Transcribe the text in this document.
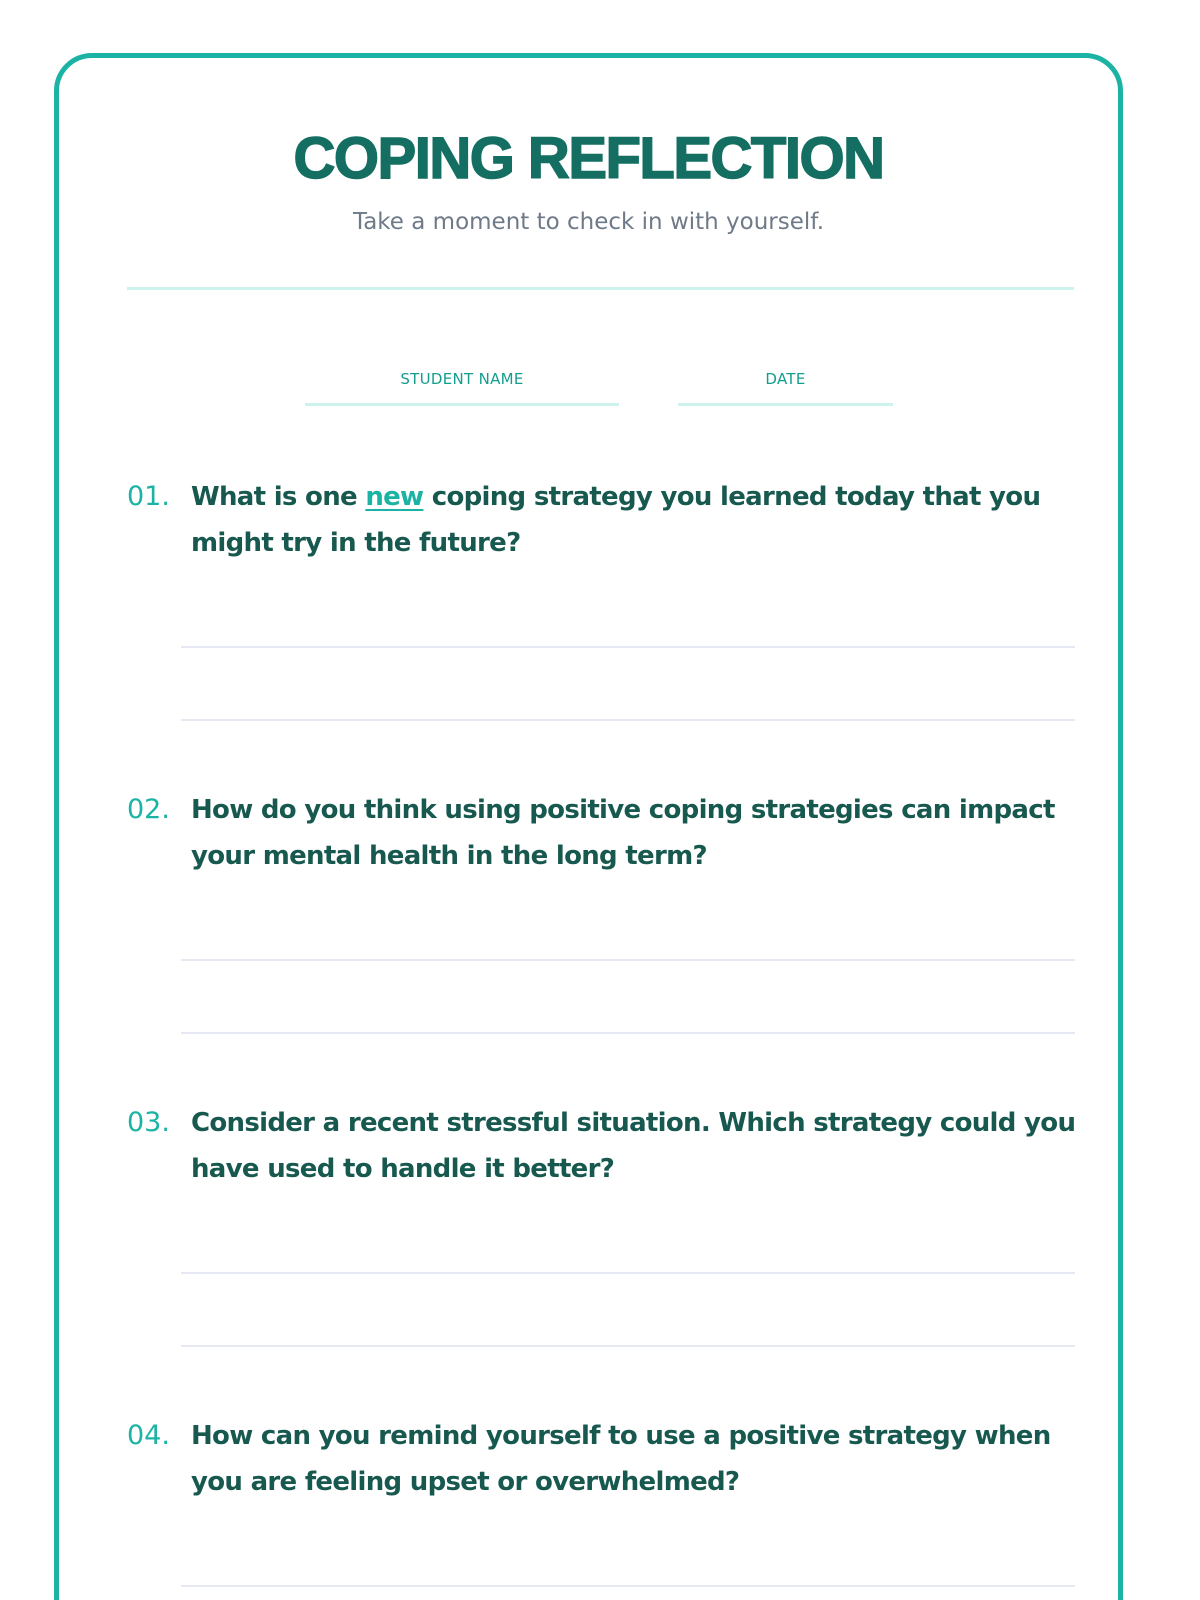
COPING REFLECTION

Take a moment to check in with yourself.

STUDENT NAME	DATE
01. What is one new coping strategy you learned today that you might try in the future?

02. How do you think using positive coping strategies can impact your mental health in the long term?

03. Consider a recent stressful situation. Which strategy could you have used to handle it better?

04. How can you remind yourself to use a positive strategy when you are feeling upset or overwhelmed?
